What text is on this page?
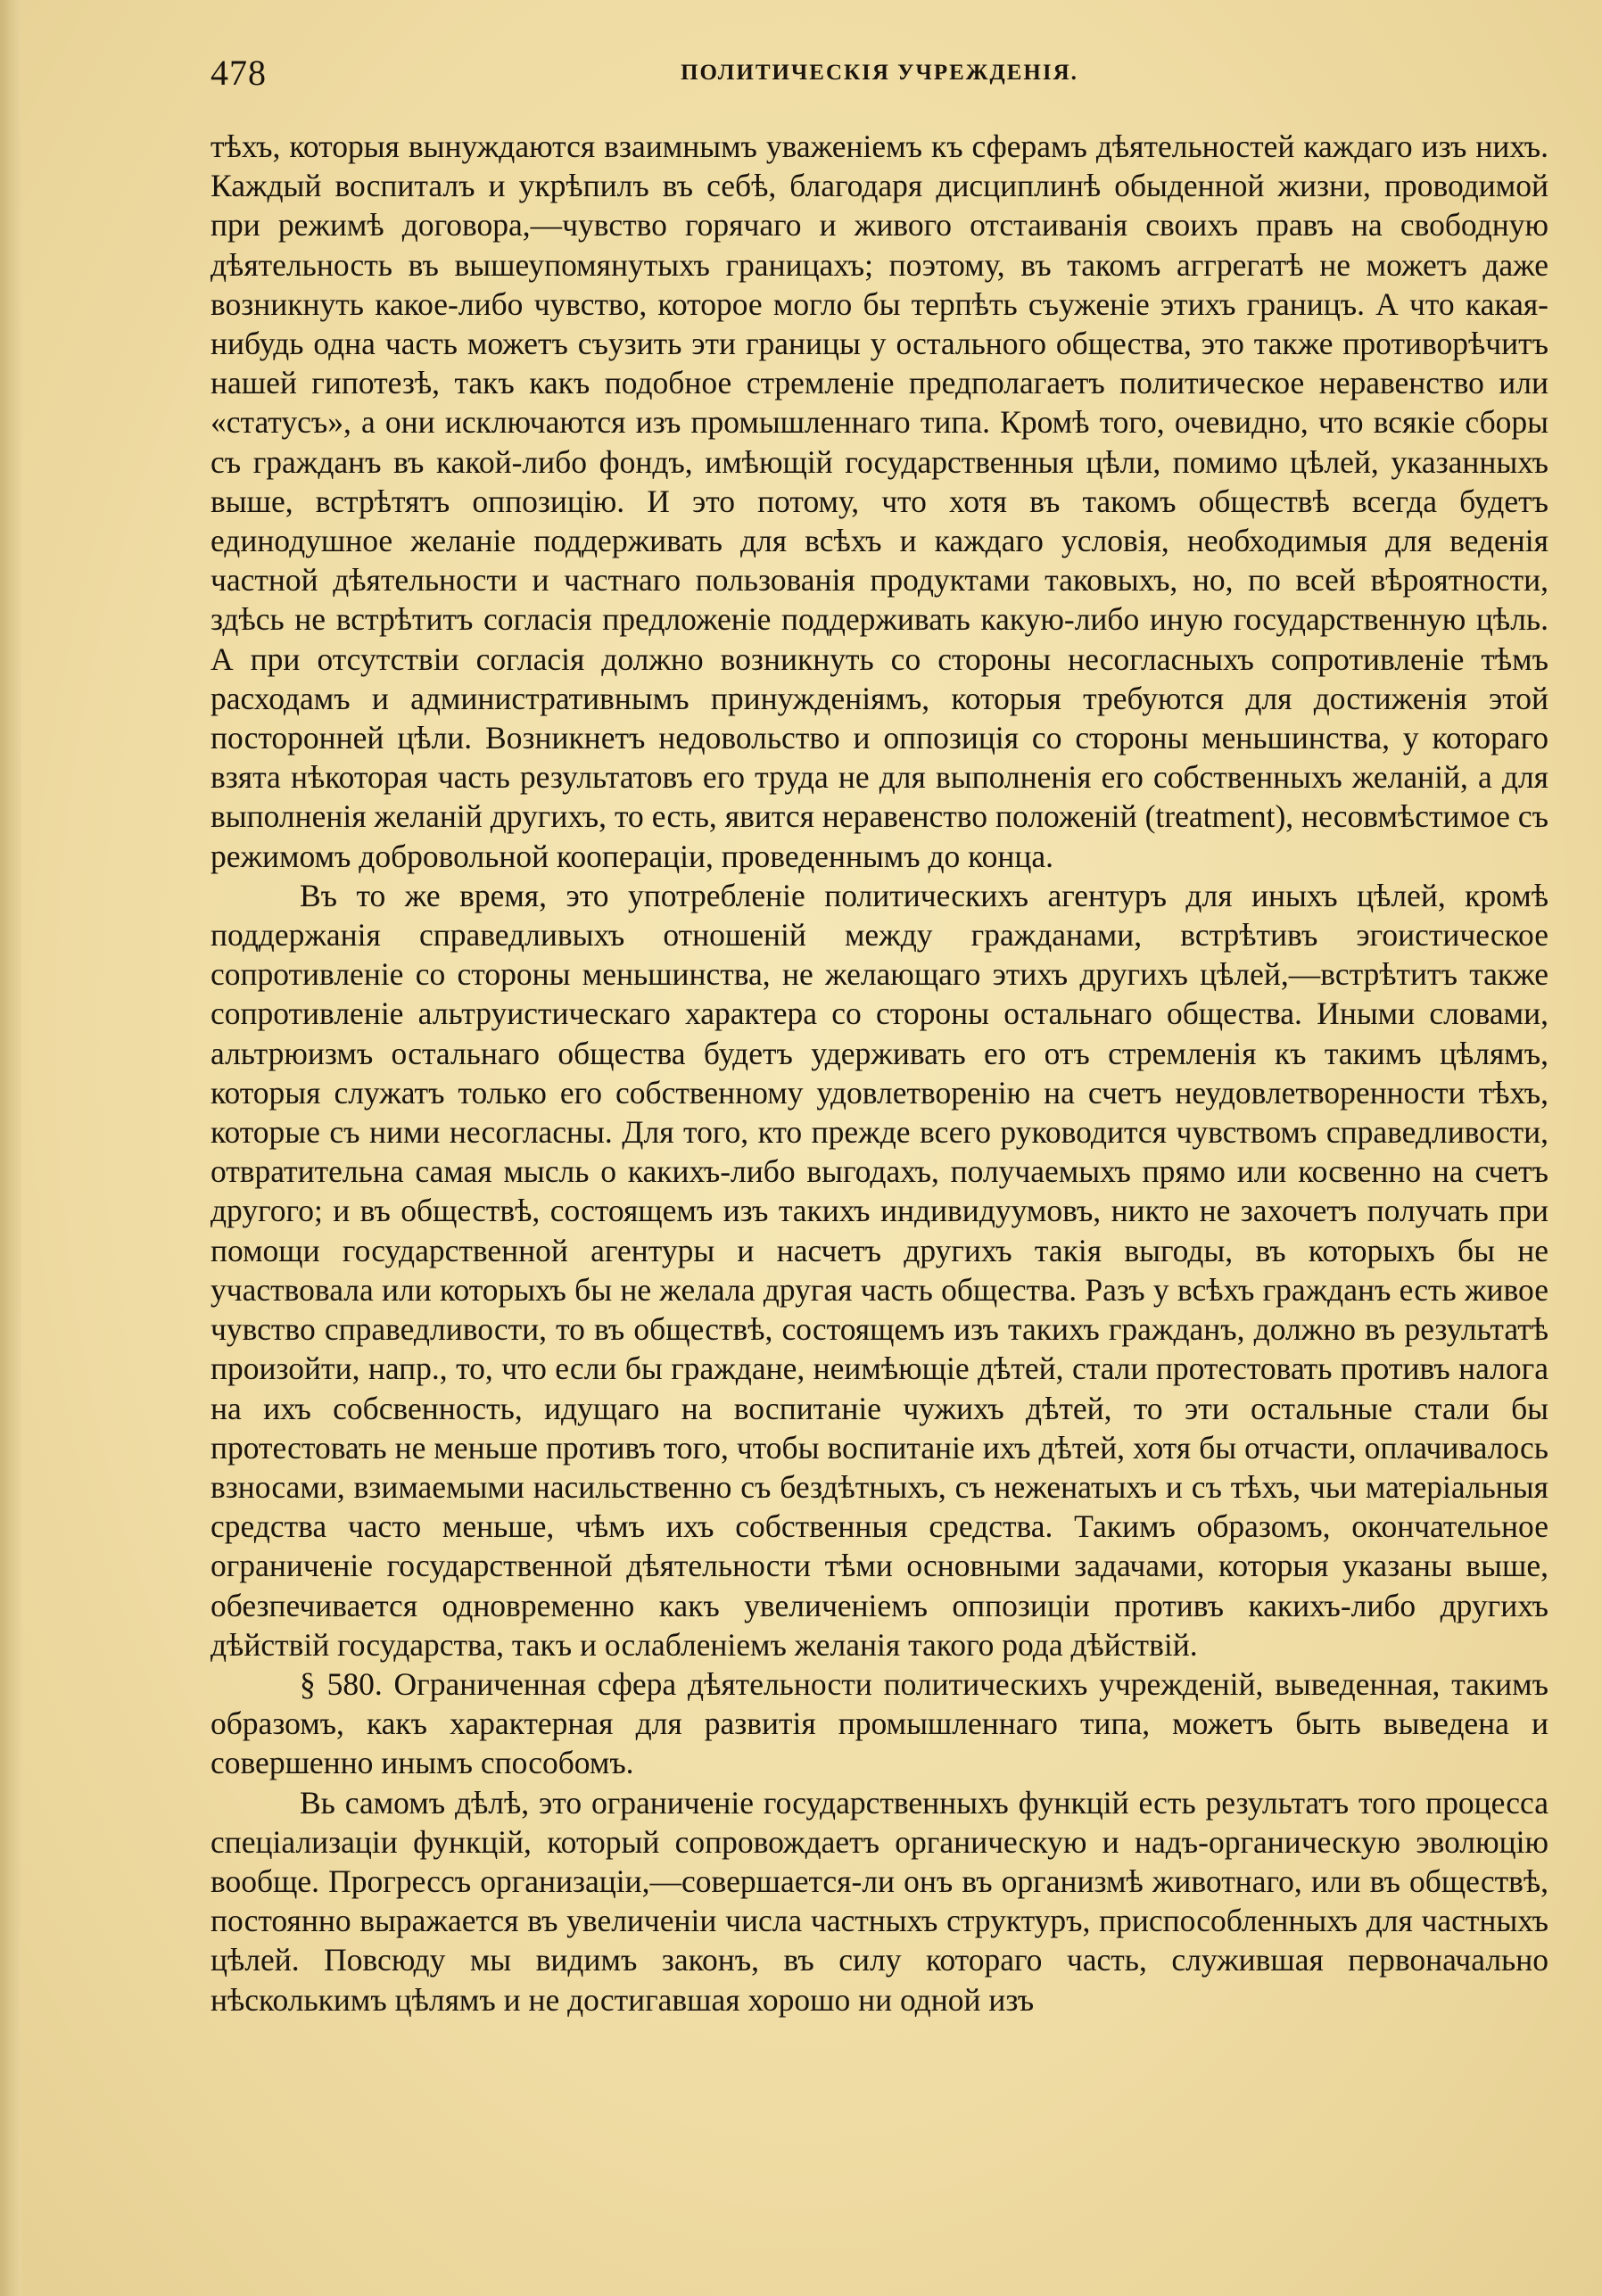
478	ПОЛИТИЧЕСКІЯ УЧРЕЖДЕНІЯ.

тѣхъ, которыя вынуждаются взаимнымъ уваженіемъ къ сферамъ дѣятельностей каждаго изъ нихъ. Каждый воспиталъ и укрѣпилъ въ себѣ, благодаря дисциплинѣ обыденной жизни, проводимой при режимѣ договора,—чувство горячаго и живого отстаиванія своихъ правъ на свободную дѣятельность въ вышеупомянутыхъ границахъ; поэтому, въ такомъ аггрегатѣ не можетъ даже возникнуть какое-либо чувство, которое могло бы терпѣть съуженіе этихъ границъ. А что какая-нибудь одна часть можетъ съузить эти границы у остального общества, это также противорѣчитъ нашей гипотезѣ, такъ какъ подобное стремленіе предполагаетъ политическое неравенство или «статусъ», а они исключаются изъ промышленнаго типа. Кромѣ того, очевидно, что всякіе сборы съ гражданъ въ какой-либо фондъ, имѣющій государственныя цѣли, помимо цѣлей, указанныхъ выше, встрѣтятъ оппозицію. И это потому, что хотя въ такомъ обществѣ всегда будетъ единодушное желаніе поддерживать для всѣхъ и каждаго условія, необходимыя для веденія частной дѣятельности и частнаго пользованія продуктами таковыхъ, но, по всей вѣроятности, здѣсь не встрѣтитъ согласія предложеніе поддерживать какую-либо иную государственную цѣль. А при отсутствіи согласія должно возникнуть со стороны несогласныхъ сопротивленіе тѣмъ расходамъ и административнымъ принужденіямъ, которыя требуются для достиженія этой посторонней цѣли. Возникнетъ недовольство и оппозиція со стороны меньшинства, у котораго взята нѣкоторая часть результатовъ его труда не для выполненія его собственныхъ желаній, а для выполненія желаній другихъ, то есть, явится неравенство положеній (treatment), несовмѣстимое съ режимомъ добровольной кооперацiи, проведеннымъ до конца.

Въ то же время, это употребленіе политическихъ агентуръ для иныхъ цѣлей, кромѣ поддержанія справедливыхъ отношеній между гражданами, встрѣтивъ эгоистическое сопротивленіе со стороны меньшинства, не желающаго этихъ другихъ цѣлей,—встрѣтитъ также сопротивленіе альтруистическаго характера со стороны остальнаго общества. Иными словами, альтрюизмъ остальнаго общества будетъ удерживать его отъ стремленія къ такимъ цѣлямъ, которыя служатъ только его собственному удовлетворенію на счетъ неудовлетворенности тѣхъ, которые съ ними несогласны. Для того, кто прежде всего руководится чувствомъ справедливости, отвратительна самая мысль о какихъ-либо выгодахъ, получаемыхъ прямо или косвенно на счетъ другого; и въ обществѣ, состоящемъ изъ такихъ индивидуумовъ, никто не захочетъ получать при помощи государственной агентуры и насчетъ другихъ такія выгоды, въ которыхъ бы не участвовала или которыхъ бы не желала другая часть общества. Разъ у всѣхъ гражданъ есть живое чувство справедливости, то въ обществѣ, состоящемъ изъ такихъ гражданъ, должно въ результатѣ произойти, напр., то, что если бы граждане, неимѣющіе дѣтей, стали протестовать противъ налога на ихъ собсвенность, идущаго на воспитаніе чужихъ дѣтей, то эти остальные стали бы протестовать не меньше противъ того, чтобы воспитаніе ихъ дѣтей, хотя бы отчасти, оплачивалось взносами, взимаемыми насильственно съ бездѣтныхъ, съ неженатыхъ и съ тѣхъ, чьи матеріальныя средства часто меньше, чѣмъ ихъ собственныя средства. Такимъ образомъ, окончательное ограниченіе государственной дѣятельности тѣми основными задачами, которыя указаны выше, обезпечивается одновременно какъ увеличеніемъ оппозиціи противъ какихъ-либо другихъ дѣйствій государства, такъ и ослабленіемъ желанія такого рода дѣйствій.

§ 580. Ограниченная сфера дѣятельности политическихъ учрежденій, выведенная, такимъ образомъ, какъ характерная для развитія промышленнаго типа, можетъ быть выведена и совершенно инымъ способомъ.

Вь самомъ дѣлѣ, это ограниченіе государственныхъ функцій есть результатъ того процесса спеціализаціи функцій, который сопровождаетъ органическую и надъ-органическую эволюцію вообще. Прогрессъ организаціи,—совершается-ли онъ въ организмѣ животнаго, или въ обществѣ, постоянно выражается въ увеличеніи числа частныхъ структуръ, приспособленныхъ для частныхъ цѣлей. Повсюду мы видимъ законъ, въ силу котораго часть, служившая первоначально нѣсколькимъ цѣлямъ и не достигавшая хорошо ни одной изъ
